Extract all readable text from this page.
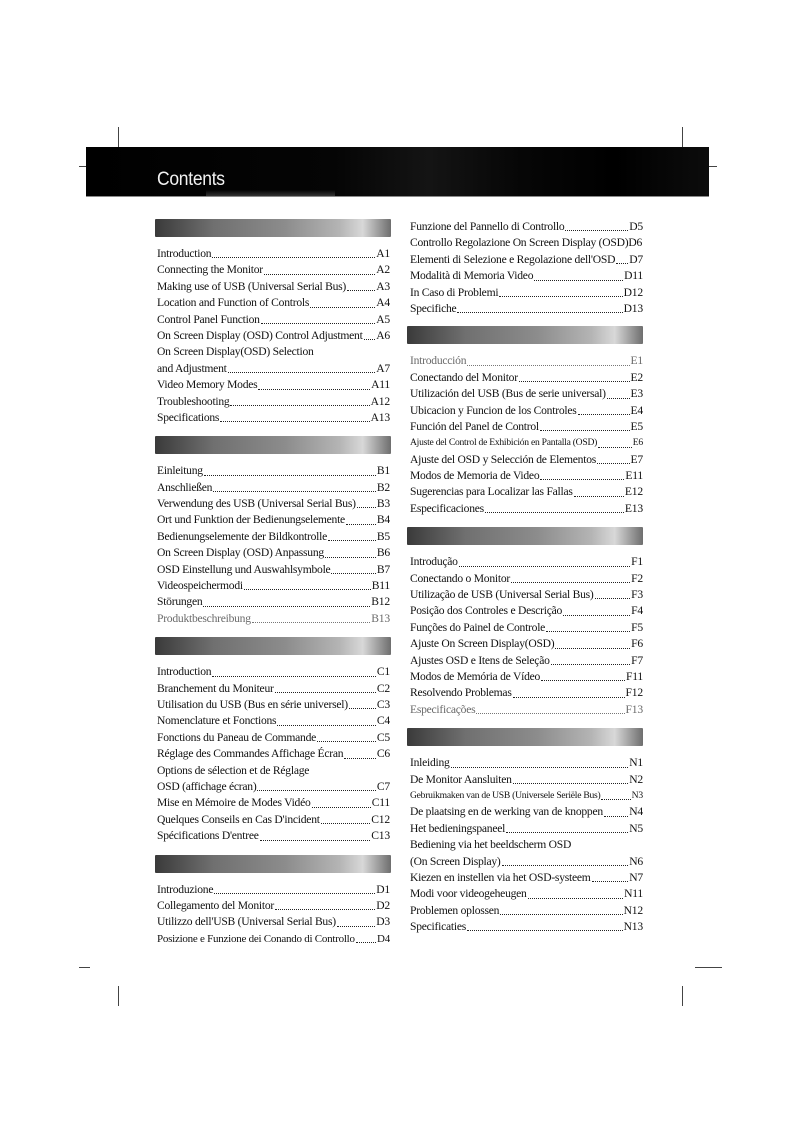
Contents
Introduction	A1
Connecting the Monitor	A2
Making use of USB (Universal Serial Bus)	A3
Location and Function of Controls	A4
Control Panel Function	A5
On Screen Display (OSD) Control Adjustment A6
On Screen Display(OSD) Selection
and Adjustment	A7
Video Memory Modes	A11
Troubleshooting	A12
Specifications	A13
Einleitung	B1
Anschließen	B2
Verwendung des USB (Universal Serial Bus) B3
Ort und Funktion der Bedienungselemente	B4
Bedienungselemente der Bildkontrolle	B5
On Screen Display (OSD) Anpassung	B6
OSD Einstellung und Auswahlsymbole	B7
Videospeichermodi	B11
Störungen	B12
Produktbeschreibung	B13
Introduction	C1
Branchement du Moniteur	C2
Utilisation du USB (Bus en série universel)	C3
Nomenclature et Fonctions	C4
Fonctions du Paneau de Commande	C5
Réglage des Commandes Affichage Écran	C6
Options de sélection et de Réglage
OSD (affichage écran)	C7
Mise en Mémoire de Modes Vidéo	C11
Quelques Conseils en Cas D'incident	C12
Spécifications D'entree	C13
Introduzione	D1
Collegamento del Monitor	D2
Utilizzo dell'USB (Universal Serial Bus)	D3
Posizione e Funzione dei Conando di Controllo D4
Funzione del Pannello di Controllo	D5
Controllo Regolazione On Screen Display (OSD) D6
Elementi di Selezione e Regolazione dell'OSD D7
Modalità di Memoria Video	D11
In Caso di Problemi	D12
Specifiche	D13
Introducción	E1
Conectando del Monitor	E2
Utilización del USB (Bus de serie universal) E3
Ubicacion y Funcion de los Controles	E4
Función del Panel de Control	E5
Ajuste del Control de Exhibición en Pantalla (OSD)	E6
Ajuste del OSD y Selección de Elementos	E7
Modos de Memoria de Video	E11
Sugerencias para Localizar las Fallas	E12
Especificaciones	E13
Introdução	F1
Conectando o Monitor	F2
Utilização de USB (Universal Serial Bus)	F3
Posição dos Controles e Descrição	F4
Funções do Painel de Controle	F5
Ajuste On Screen Display(OSD)	F6
Ajustes OSD e Itens de Seleção	F7
Modos de Memória de Vídeo	F11
Resolvendo Problemas	F12
Especificações	F13
Inleiding	N1
De Monitor Aansluiten	N2
Gebruikmaken van de USB (Universele Seriële Bus)	N3
De plaatsing en de werking van de knoppen N4
Het bedieningspaneel	N5
Bediening via het beeldscherm OSD
(On Screen Display)	N6
Kiezen en instellen via het OSD-systeem	N7
Modi voor videogeheugen	N11
Problemen oplossen	N12
Specificaties	N13
